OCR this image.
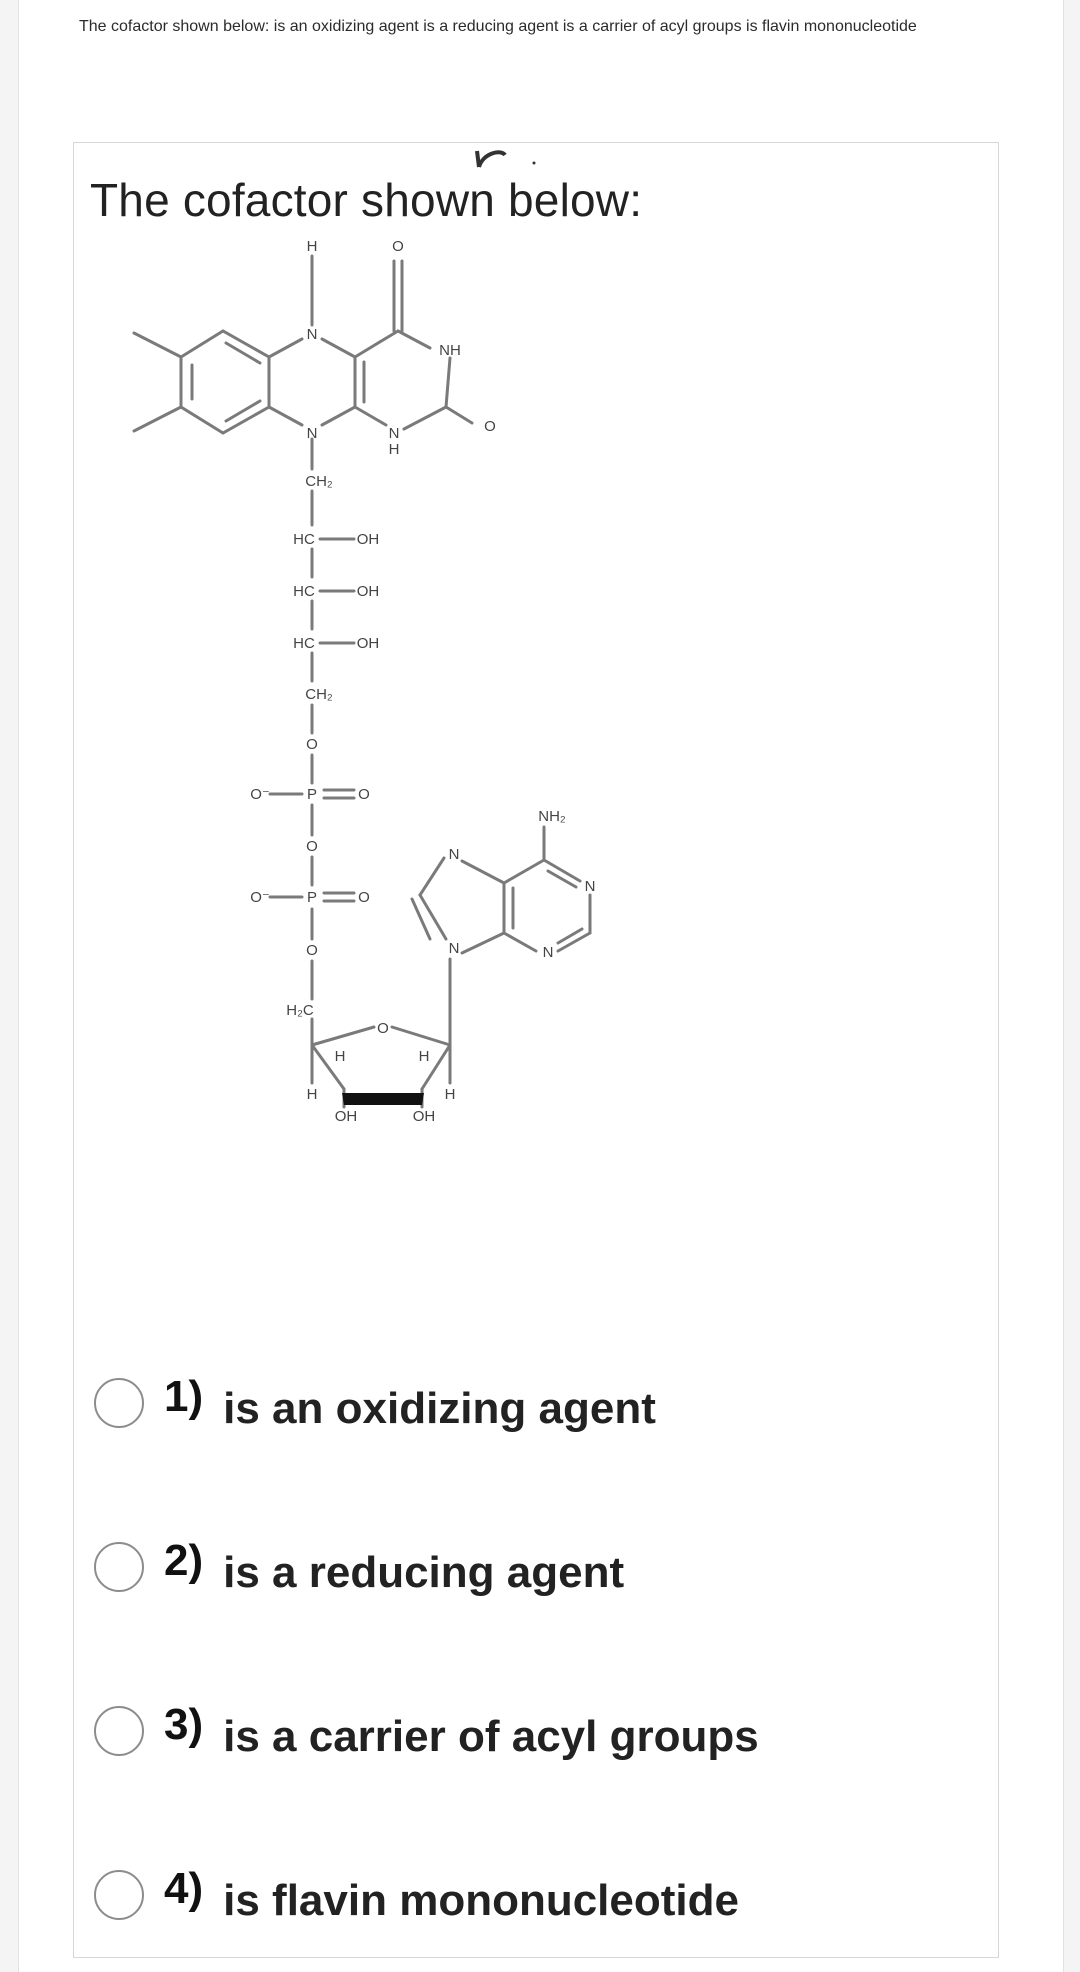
The cofactor shown below: is an oxidizing agent is a reducing agent is a carrier of acyl groups is flavin mononucleotide
The cofactor shown below:
H
N
O
NH
N	N
H
O
CH₂
HC	OH
HC	OH
HC	OH
CH₂
O
O⁻ P	O
O
O⁻ P	O
O
H₂C
O
H	H
H	H
OH	OH
NH₂
N
N
N
N
1) is an oxidizing agent
2) is a reducing agent
3) is a carrier of acyl groups
4) is flavin mononucleotide
